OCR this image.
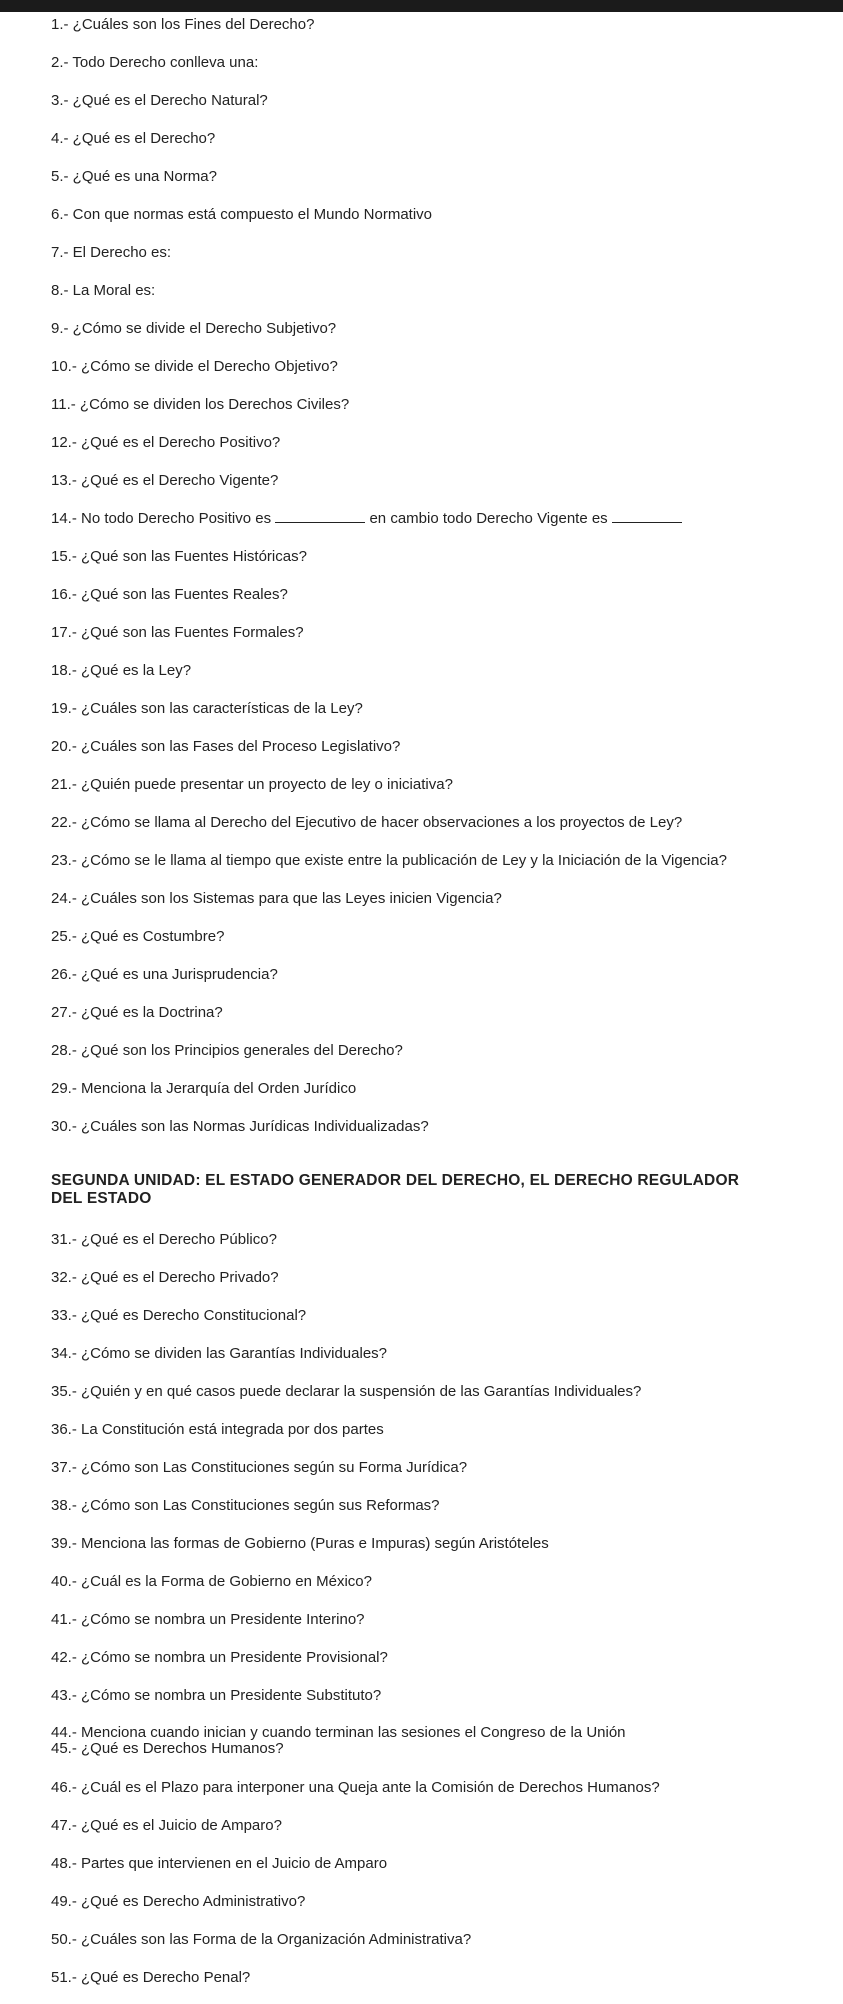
1.- ¿Cuáles son los Fines del Derecho?
2.- Todo Derecho conlleva una:
3.- ¿Qué es el Derecho Natural?
4.- ¿Qué es el Derecho?
5.- ¿Qué es una Norma?
6.- Con que normas está compuesto el Mundo Normativo
7.- El Derecho es:
8.- La Moral es:
9.- ¿Cómo se divide el Derecho Subjetivo?
10.- ¿Cómo se divide el Derecho Objetivo?
11.- ¿Cómo se dividen los Derechos Civiles?
12.- ¿Qué es el Derecho Positivo?
13.- ¿Qué es el Derecho Vigente?
14.- No todo Derecho Positivo es	en cambio todo Derecho Vigente es
15.- ¿Qué son las Fuentes Históricas?
16.- ¿Qué son las Fuentes Reales?
17.- ¿Qué son las Fuentes Formales?
18.- ¿Qué es la Ley?
19.- ¿Cuáles son las características de la Ley?
20.- ¿Cuáles son las Fases del Proceso Legislativo?
21.- ¿Quién puede presentar un proyecto de ley o iniciativa?
22.- ¿Cómo se llama al Derecho del Ejecutivo de hacer observaciones a los proyectos de Ley?
23.- ¿Cómo se le llama al tiempo que existe entre la publicación de Ley y la Iniciación de la Vigencia?
24.- ¿Cuáles son los Sistemas para que las Leyes inicien Vigencia?
25.- ¿Qué es Costumbre?
26.- ¿Qué es una Jurisprudencia?
27.- ¿Qué es la Doctrina?
28.- ¿Qué son los Principios generales del Derecho?
29.- Menciona la Jerarquía del Orden Jurídico
30.- ¿Cuáles son las Normas Jurídicas Individualizadas?
SEGUNDA UNIDAD: EL ESTADO GENERADOR DEL DERECHO, EL DERECHO REGULADOR DEL ESTADO
31.- ¿Qué es el Derecho Público?
32.- ¿Qué es el Derecho Privado?
33.- ¿Qué es Derecho Constitucional?
34.- ¿Cómo se dividen las Garantías Individuales?
35.- ¿Quién y en qué casos puede declarar la suspensión de las Garantías Individuales?
36.- La Constitución está integrada por dos partes
37.- ¿Cómo son Las Constituciones según su Forma Jurídica?
38.- ¿Cómo son Las Constituciones según sus Reformas?
39.- Menciona las formas de Gobierno (Puras e Impuras) según Aristóteles
40.- ¿Cuál es la Forma de Gobierno en México?
41.- ¿Cómo se nombra un Presidente Interino?
42.- ¿Cómo se nombra un Presidente Provisional?
43.- ¿Cómo se nombra un Presidente Substituto?
44.- Menciona cuando inician y cuando terminan las sesiones el Congreso de la Unión
45.- ¿Qué es Derechos Humanos?
46.- ¿Cuál es el Plazo para interponer una Queja ante la Comisión de Derechos Humanos?
47.- ¿Qué es el Juicio de Amparo?
48.- Partes que intervienen en el Juicio de Amparo
49.- ¿Qué es Derecho Administrativo?
50.- ¿Cuáles son las Forma de la Organización Administrativa?
51.- ¿Qué es Derecho Penal?
